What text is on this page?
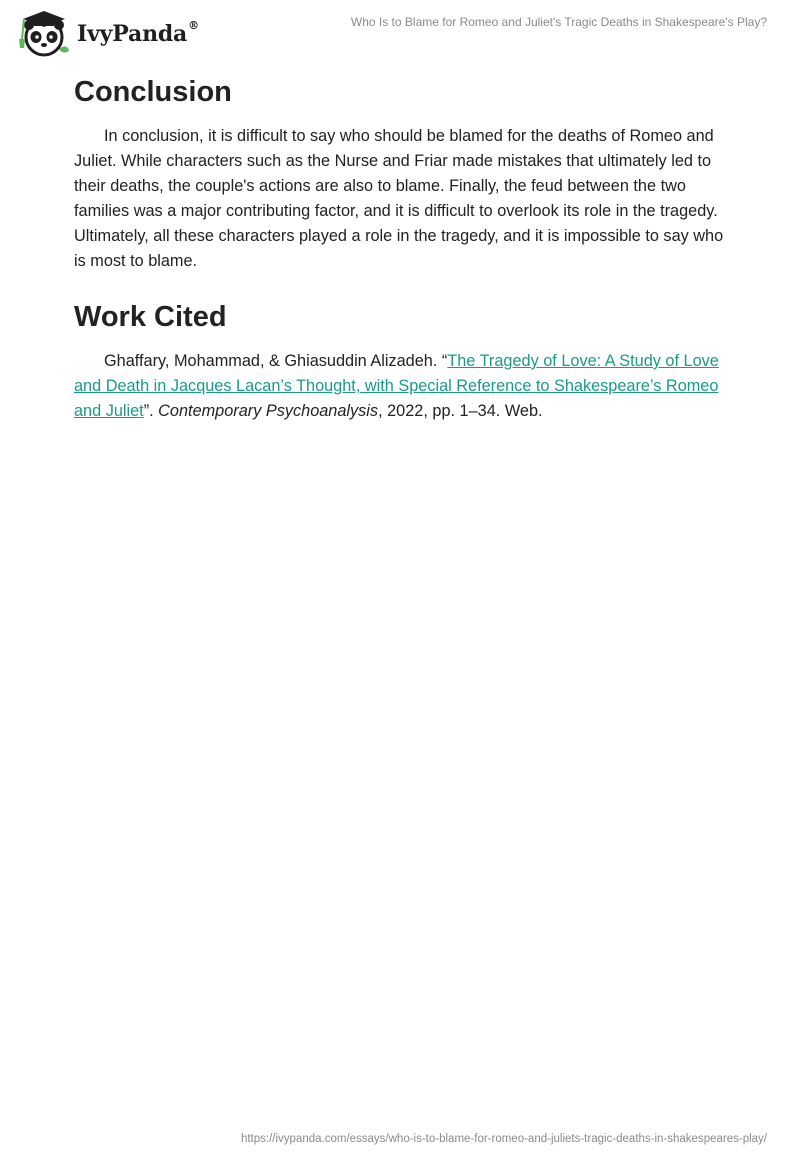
IvyPanda®	Who Is to Blame for Romeo and Juliet's Tragic Deaths in Shakespeare's Play?
Conclusion

In conclusion, it is difficult to say who should be blamed for the deaths of Romeo and Juliet. While characters such as the Nurse and Friar made mistakes that ultimately led to their deaths, the couple's actions are also to blame. Finally, the feud between the two families was a major contributing factor, and it is difficult to overlook its role in the tragedy. Ultimately, all these characters played a role in the tragedy, and it is impossible to say who is most to blame.

Work Cited

Ghaffary, Mohammad, & Ghiasuddin Alizadeh. “The Tragedy of Love: A Study of Love and Death in Jacques Lacan’s Thought, with Special Reference to Shakespeare’s Romeo and Juliet”. Contemporary Psychoanalysis, 2022, pp. 1–34. Web.

https://ivypanda.com/essays/who-is-to-blame-for-romeo-and-juliets-tragic-deaths-in-shakespeares-play/
